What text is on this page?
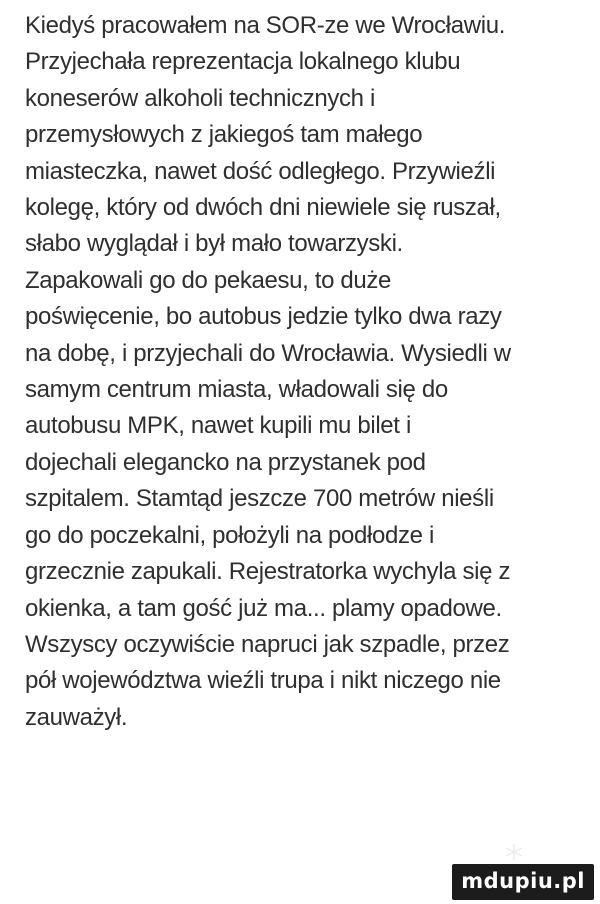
Kiedyś pracowałem na SOR-ze we Wrocławiu.
Przyjechała reprezentacja lokalnego klubu
koneserów alkoholi technicznych i
przemysłowych z jakiegoś tam małego
miasteczka, nawet dość odległego. Przywieźli
kolegę, który od dwóch dni niewiele się ruszał,
słabo wyglądał i był mało towarzyski.
Zapakowali go do pekaesu, to duże
poświęcenie, bo autobus jedzie tylko dwa razy
na dobę, i przyjechali do Wrocławia. Wysiedli w
samym centrum miasta, władowali się do
autobusu MPK, nawet kupili mu bilet i
dojechali elegancko na przystanek pod
szpitalem. Stamtąd jeszcze 700 metrów nieśli
go do poczekalni, położyli na podłodze i
grzecznie zapukali. Rejestratorka wychyla się z
okienka, a tam gość już ma... plamy opadowe.
Wszyscy oczywiście napruci jak szpadle, przez
pół województwa wieźli trupa i nikt niczego nie
zauważył.
mdupiu.pl
